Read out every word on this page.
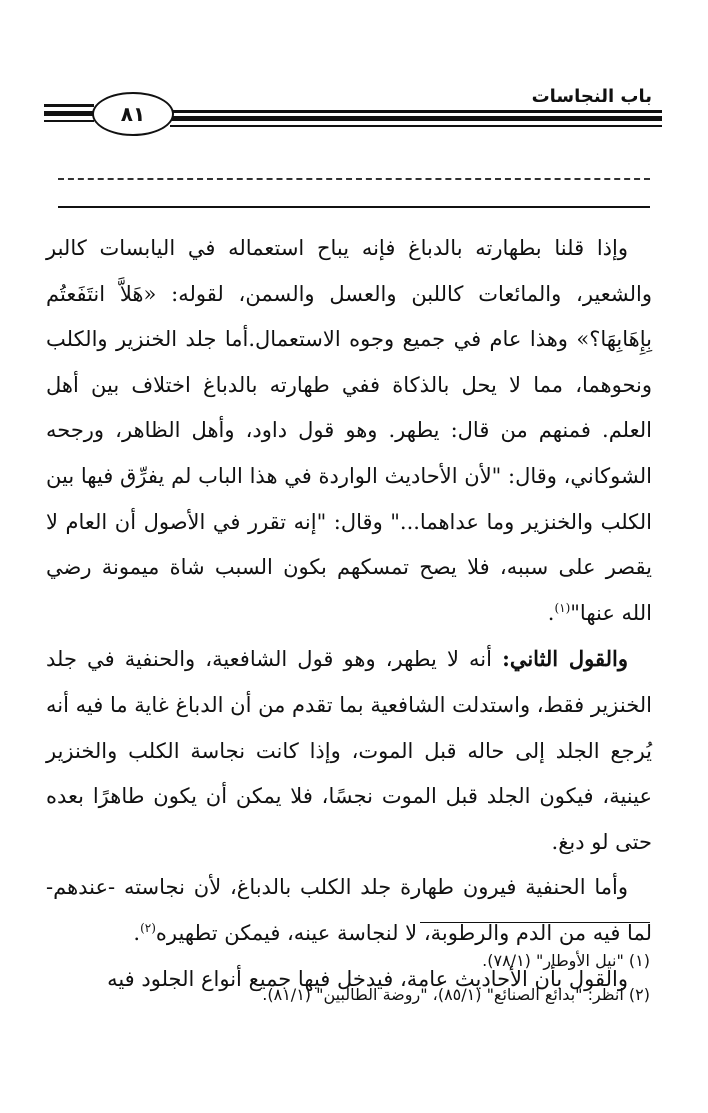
باب النجاسات
٨١

وإذا قلنا بطهارته بالدباغ فإنه يباح استعماله في اليابسات كالبر والشعير، والمائعات كاللبن والعسل والسمن، لقوله: «هَلاَّ انتَفَعتُم بِإِهَابِهَا؟» وهذا عام في جميع وجوه الاستعمال.أما جلد الخنزير والكلب ونحوهما، مما لا يحل بالذكاة ففي طهارته بالدباغ اختلاف بين أهل العلم. فمنهم من قال: يطهر. وهو قول داود، وأهل الظاهر، ورجحه الشوكاني، وقال: "لأن الأحاديث الواردة في هذا الباب لم يفرِّق فيها بين الكلب والخنزير وما عداهما..." وقال: "إنه تقرر في الأصول أن العام لا يقصر على سببه، فلا يصح تمسكهم بكون السبب شاة ميمونة رضي الله عنها"$^{(١)}$.

والقول الثاني: أنه لا يطهر، وهو قول الشافعية، والحنفية في جلد الخنزير فقط، واستدلت الشافعية بما تقدم من أن الدباغ غاية ما فيه أنه يُرجع الجلد إلى حاله قبل الموت، وإذا كانت نجاسة الكلب والخنزير عينية، فيكون الجلد قبل الموت نجسًا، فلا يمكن أن يكون طاهرًا بعده حتى لو دبغ.

وأما الحنفية فيرون طهارة جلد الكلب بالدباغ، لأن نجاسته -عندهم- لما فيه من الدم والرطوبة، لا لنجاسة عينه، فيمكن تطهيره$^{(٢)}$.

والقول بأن الأحاديث عامة، فيدخل فيها جميع أنواع الجلود فيه

(١) "نيل الأوطار" (٧٨/١).
(٢) انظر: "بدائع الصنائع" (٨٥/١)، "روضة الطالبين" (٨١/١).
